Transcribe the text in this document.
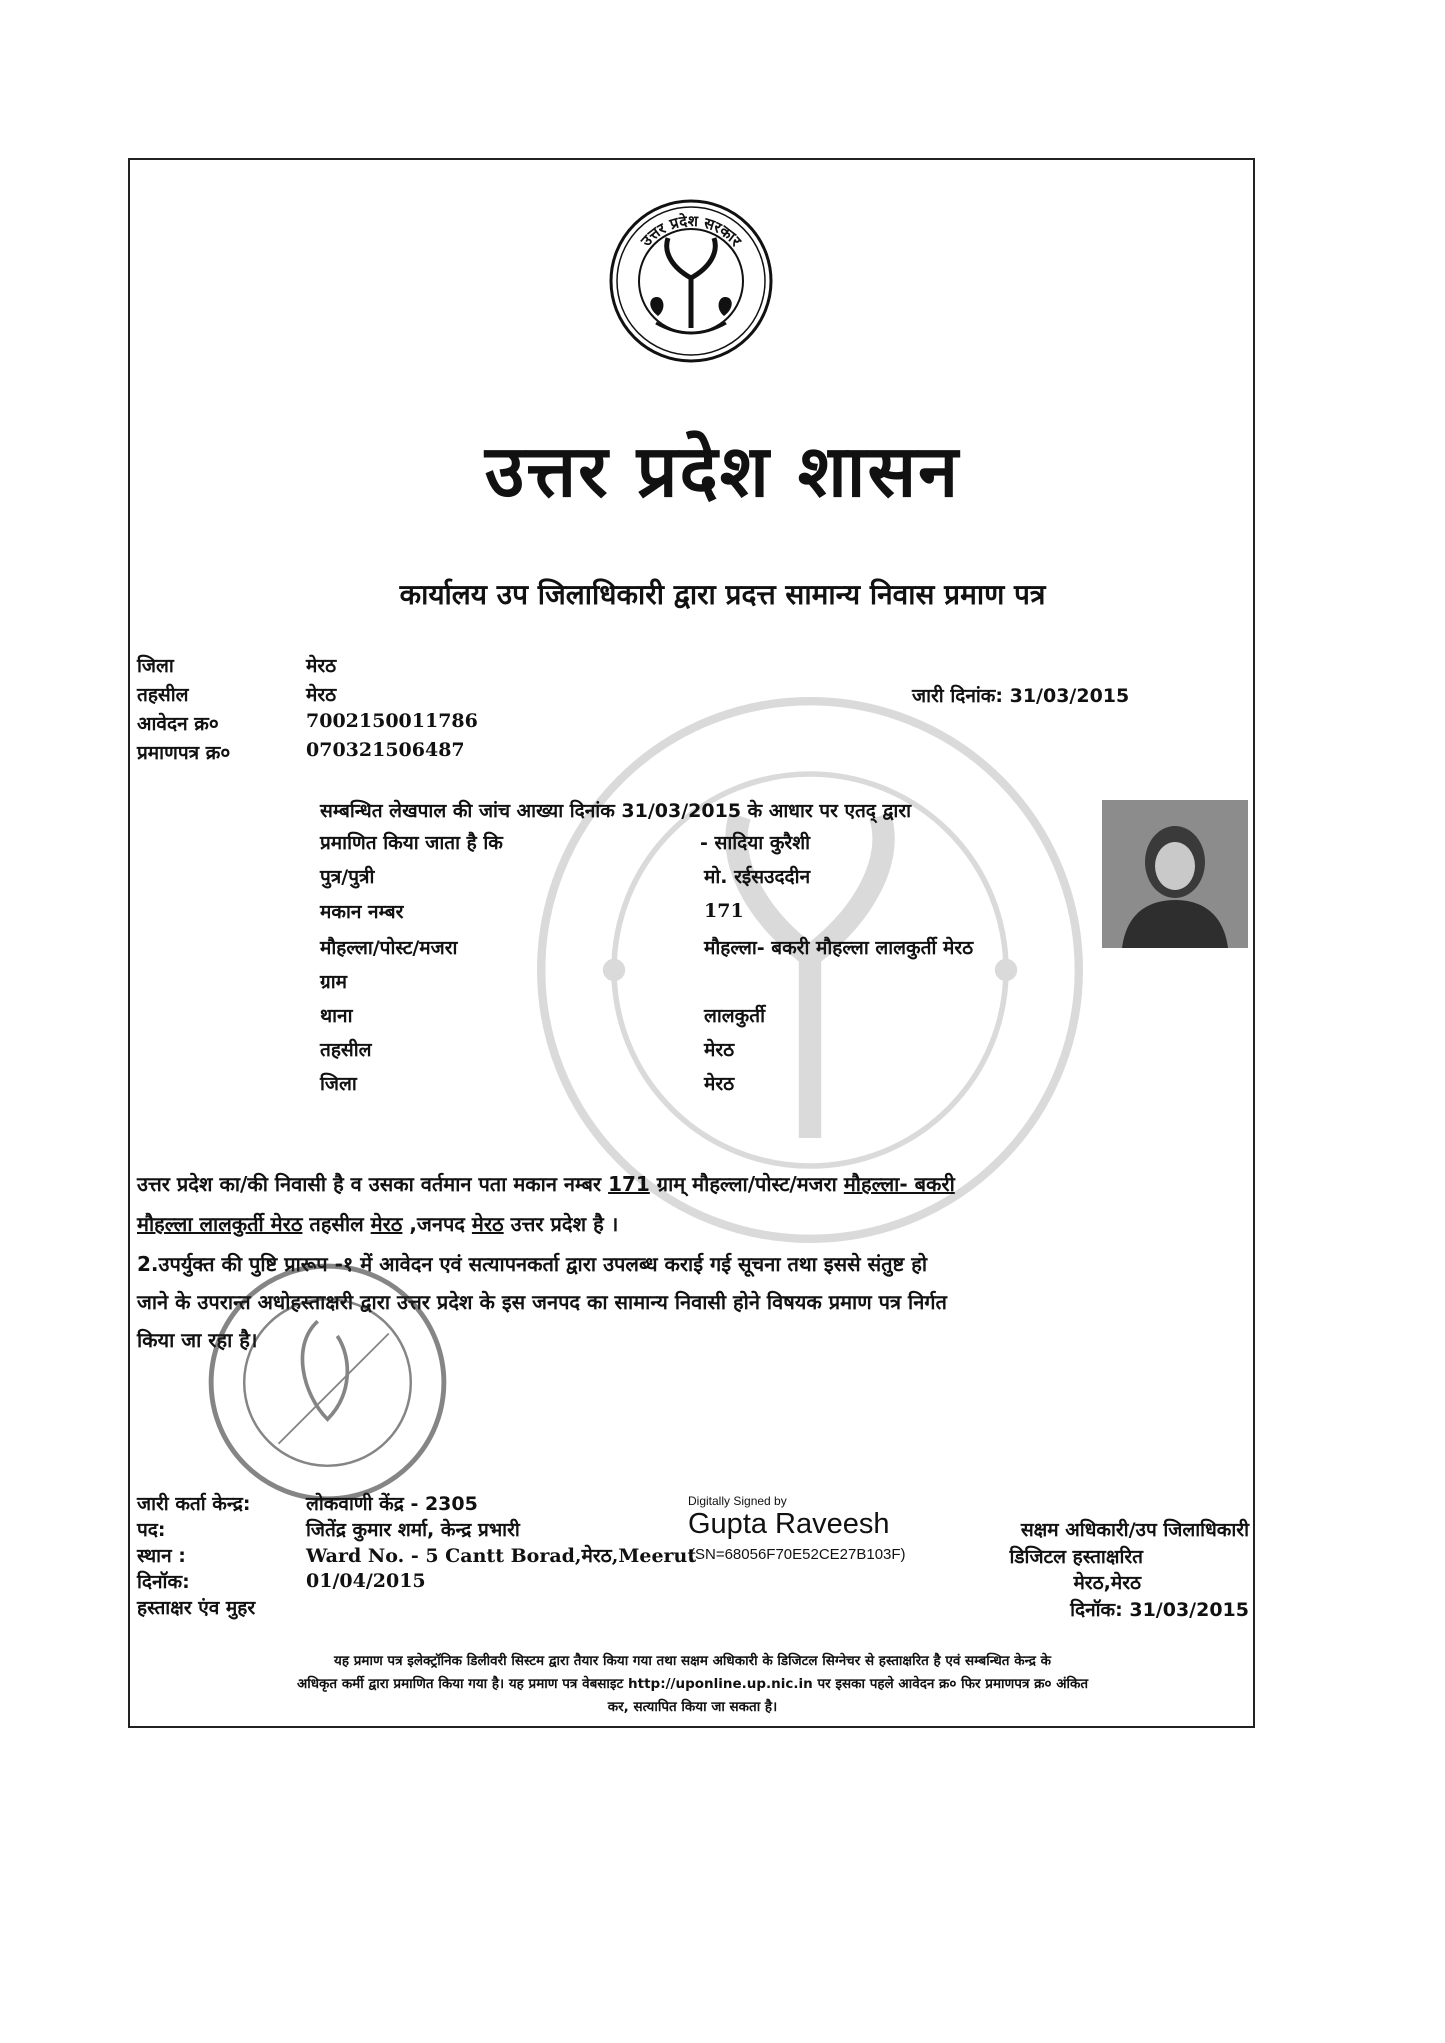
उत्तर प्रदेश सरकार
उत्तर प्रदेश शासन
कार्यालय उप जिलाधिकारी द्वारा प्रदत्त सामान्य निवास प्रमाण पत्र
जिला	मेरठ
तहसील	मेरठ
आवेदन क्र०	7002150011786
प्रमाणपत्र क्र०	070321506487
जारी दिनांक: 31/03/2015
सम्बन्धित लेखपाल की जांच आख्या दिनांक 31/03/2015 के आधार पर एतद् द्वारा
प्रमाणित किया जाता है कि	- सादिया कुरैशी
पुत्र/पुत्री	मो. रईसउददीन
मकान नम्बर	171
मौहल्ला/पोस्ट/मजरा	मौहल्ला- बकरी मौहल्ला लालकुर्ती मेरठ
ग्राम
थाना	लालकुर्ती
तहसील	मेरठ
जिला	मेरठ
उत्तर प्रदेश का/की निवासी है व उसका वर्तमान पता मकान नम्बर 171 ग्राम् मौहल्ला/पोस्ट/मजरा मौहल्ला- बकरी
मौहल्ला लालकुर्ती मेरठ तहसील मेरठ ,जनपद मेरठ उत्तर प्रदेश है ।
2.उपर्युक्त की पुष्टि प्रारूप -१ में आवेदन एवं सत्यापनकर्ता द्वारा उपलब्ध कराई गई सूचना तथा इससे संतुष्ट हो
जाने के उपरान्त अधोहस्ताक्षरी द्वारा उत्तर प्रदेश के इस जनपद का सामान्य निवासी होने विषयक प्रमाण पत्र निर्गत
किया जा रहा है।
जारी कर्ता केन्द्र:	लोकवाणी केंद्र - 2305
पद:	जितेंद्र कुमार शर्मा, केन्द्र प्रभारी
स्थान :	Ward No. - 5 Cantt Borad,मेरठ,Meerut
दिनॉक:	01/04/2015
हस्ताक्षर एंव मुहर
Digitally Signed by
Gupta Raveesh
(SN=68056F70E52CE27B103F)
सक्षम अधिकारी/उप जिलाधिकारी
डिजिटल हस्ताक्षरित
मेरठ,मेरठ
दिनॉक: 31/03/2015
यह प्रमाण पत्र इलेक्ट्रॉनिक डिलीवरी सिस्टम द्वारा तैयार किया गया तथा सक्षम अधिकारी के डिजिटल सिग्नेचर से हस्ताक्षरित है एवं सम्बन्धित केन्द्र के
अधिकृत कर्मी द्वारा प्रमाणित किया गया है। यह प्रमाण पत्र वेबसाइट http://uponline.up.nic.in पर इसका पहले आवेदन क्र० फिर प्रमाणपत्र क्र० अंकित
कर, सत्यापित किया जा सकता है।
